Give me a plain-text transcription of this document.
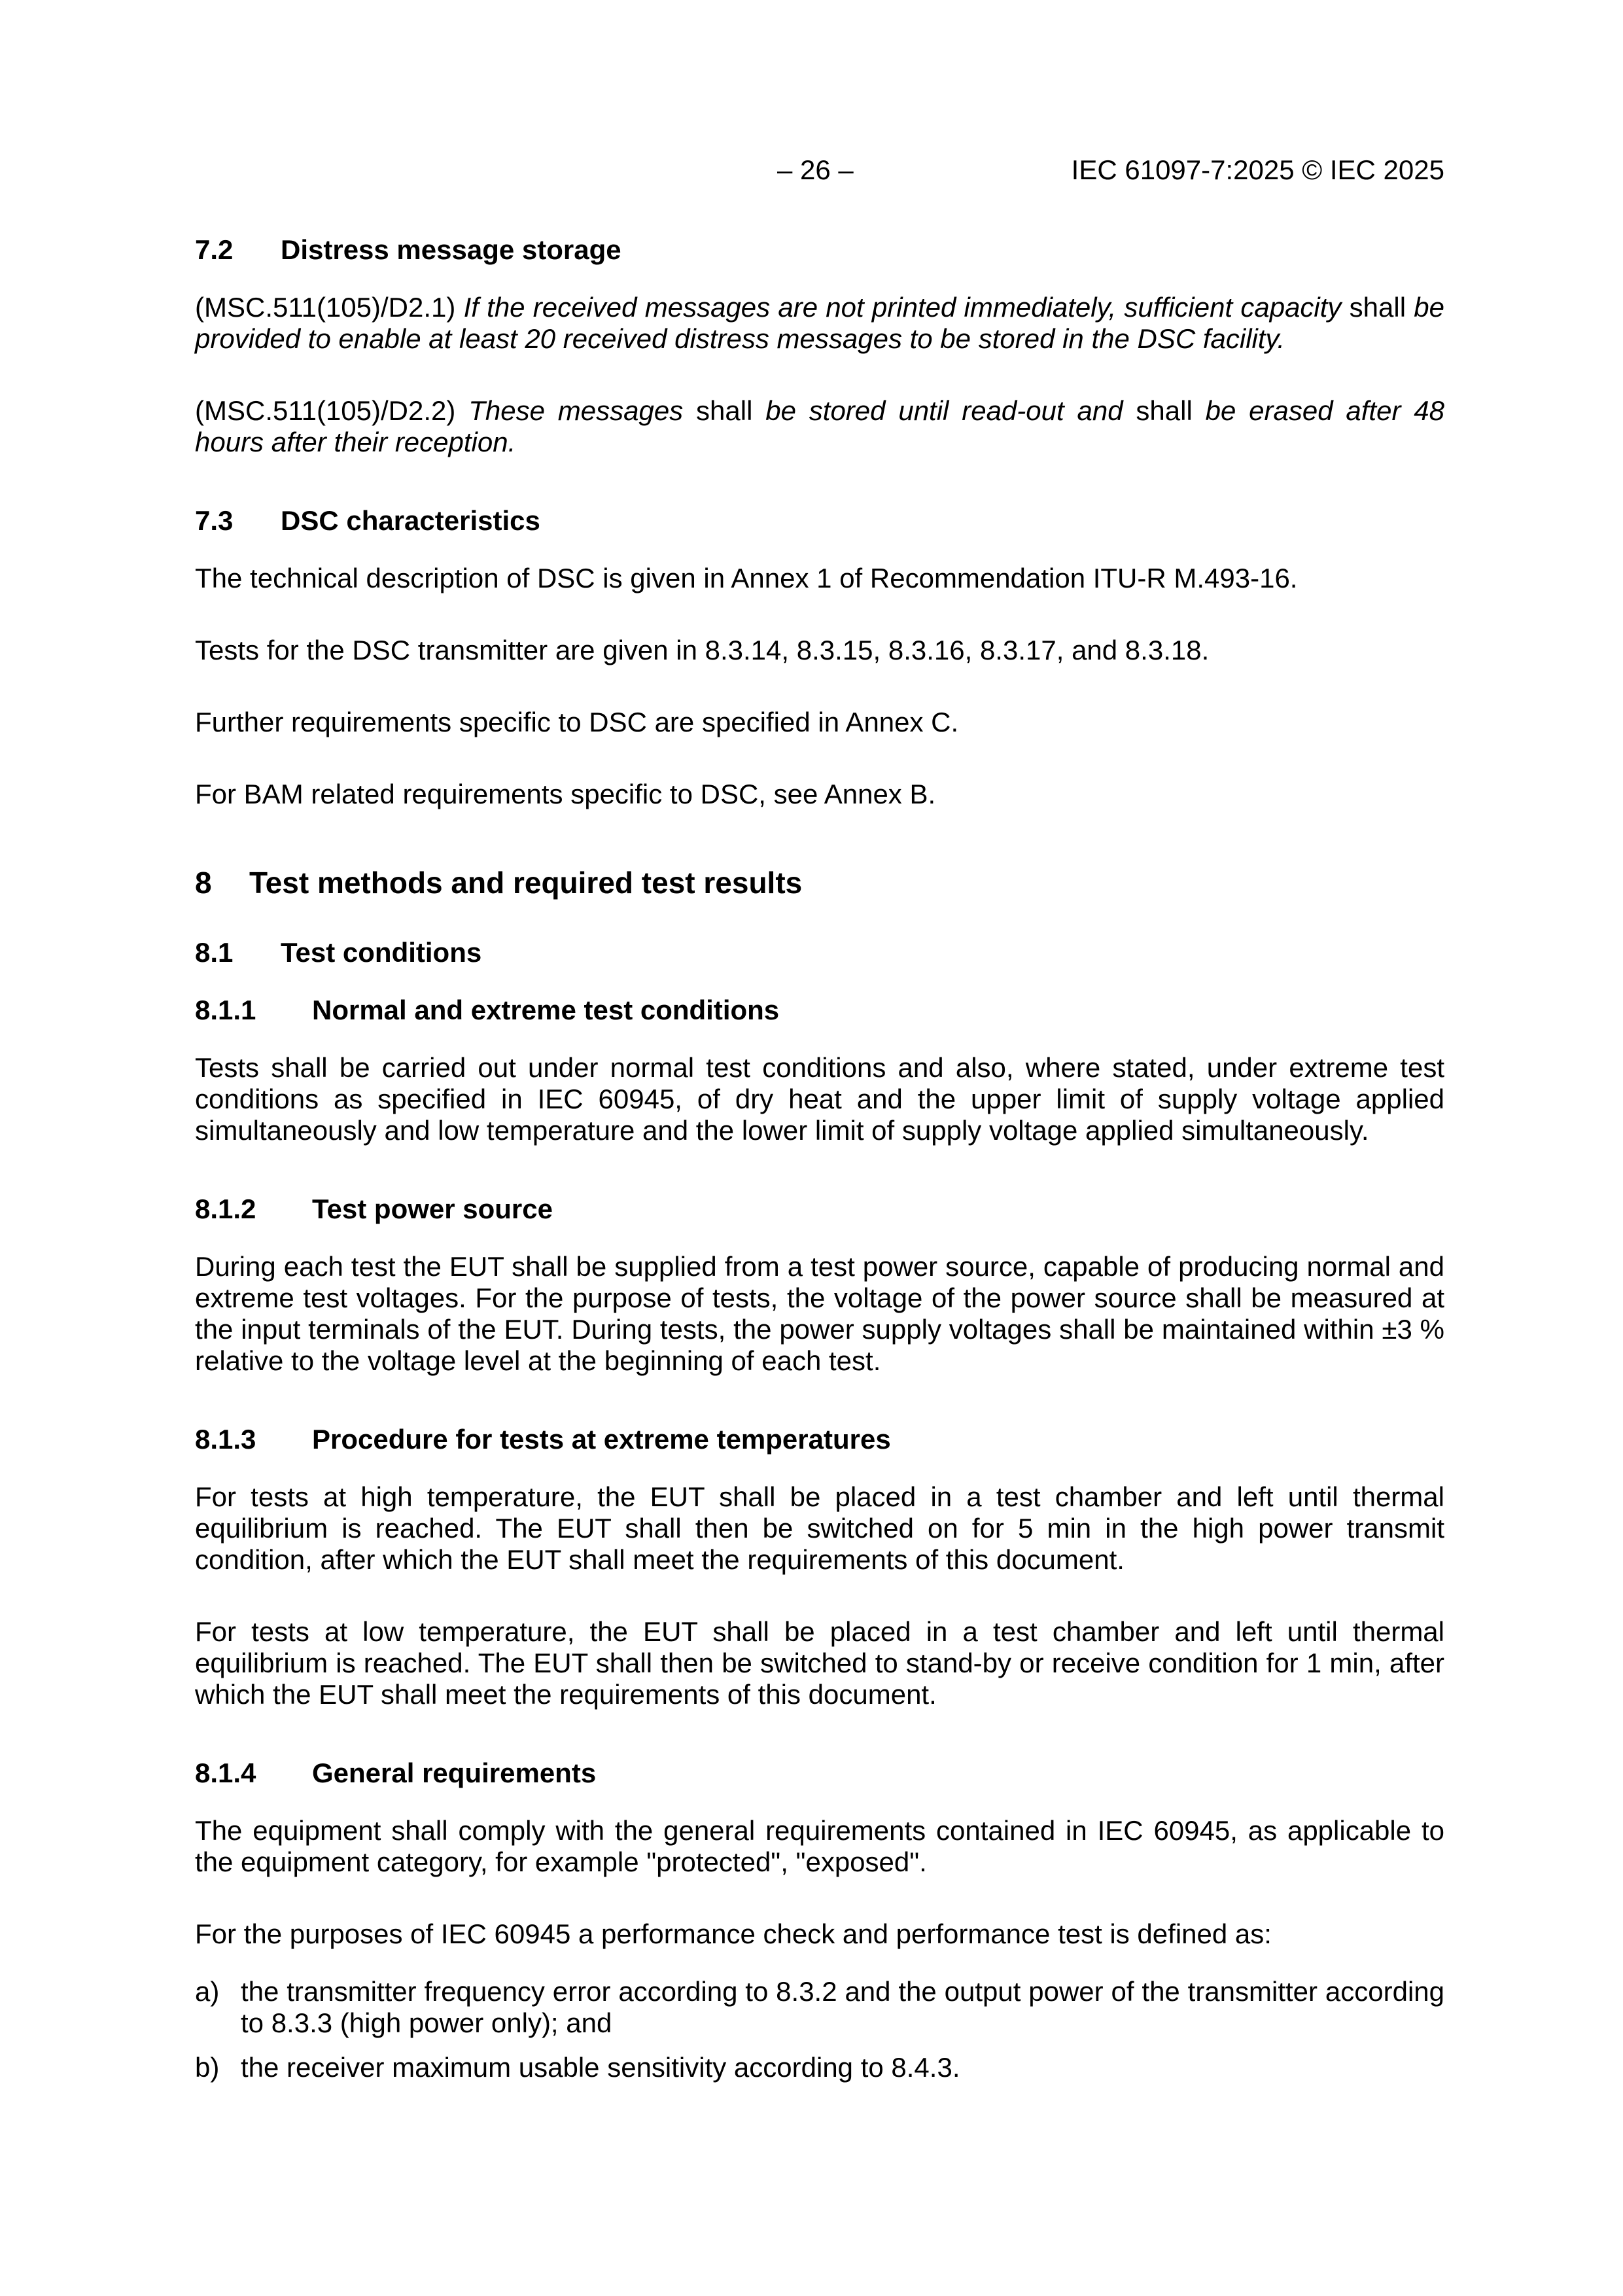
– 26 –	IEC 61097-7:2025 © IEC 2025
7.2	Distress message storage

(MSC.511(105)/D2.1) If the received messages are not printed immediately, sufficient capacity shall be provided to enable at least 20 received distress messages to be stored in the DSC facility.

(MSC.511(105)/D2.2) These messages shall be stored until read-out and shall be erased after 48 hours after their reception.

7.3	DSC characteristics

The technical description of DSC is given in Annex 1 of Recommendation ITU-R M.493-16.

Tests for the DSC transmitter are given in 8.3.14, 8.3.15, 8.3.16, 8.3.17, and 8.3.18.

Further requirements specific to DSC are specified in Annex C.

For BAM related requirements specific to DSC, see Annex B.

8	Test methods and required test results
8.1	Test conditions
8.1.1	Normal and extreme test conditions

Tests shall be carried out under normal test conditions and also, where stated, under extreme test conditions as specified in IEC 60945, of dry heat and the upper limit of supply voltage applied simultaneously and low temperature and the lower limit of supply voltage applied simultaneously.

8.1.2	Test power source

During each test the EUT shall be supplied from a test power source, capable of producing normal and extreme test voltages. For the purpose of tests, the voltage of the power source shall be measured at the input terminals of the EUT. During tests, the power supply voltages shall be maintained within ±3 % relative to the voltage level at the beginning of each test.

8.1.3	Procedure for tests at extreme temperatures

For tests at high temperature, the EUT shall be placed in a test chamber and left until thermal equilibrium is reached. The EUT shall then be switched on for 5 min in the high power transmit condition, after which the EUT shall meet the requirements of this document.

For tests at low temperature, the EUT shall be placed in a test chamber and left until thermal equilibrium is reached. The EUT shall then be switched to stand-by or receive condition for 1 min, after which the EUT shall meet the requirements of this document.

8.1.4	General requirements

The equipment shall comply with the general requirements contained in IEC 60945, as applicable to the equipment category, for example "protected", "exposed".

For the purposes of IEC 60945 a performance check and performance test is defined as:

a) the transmitter frequency error according to 8.3.2 and the output power of the transmitter according to 8.3.3 (high power only); and
b) the receiver maximum usable sensitivity according to 8.4.3.
